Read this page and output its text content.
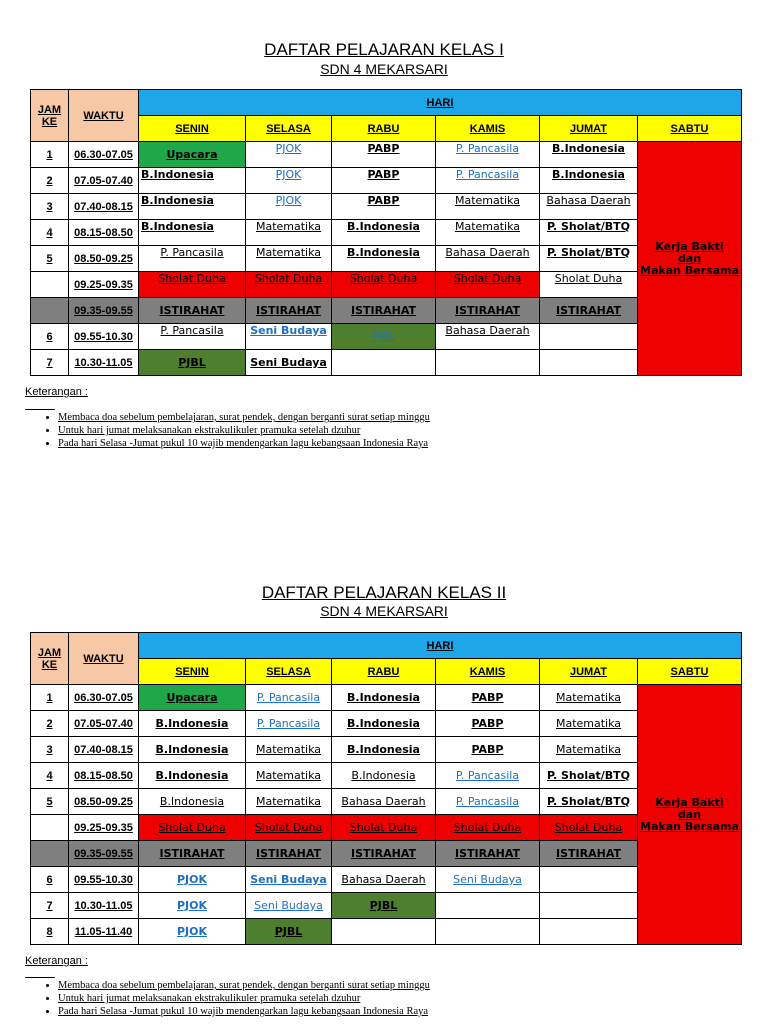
DAFTAR PELAJARAN KELAS I
SDN 4 MEKARSARI
JAM KE	WAKTU	HARI					
		SENIN	SELASA	RABU	KAMIS	JUMAT	SABTU
1	06.30-07.05	Upacara	PJOK	PABP	P. Pancasila	B.Indonesia	Kerja Bakti
dan
Makan Bersama

2	07.05-07.40	B.Indonesia	PJOK	PABP	P. Pancasila	B.Indonesia	
3	07.40-08.15	B.Indonesia	PJOK	PABP	Matematika	Bahasa Daerah	
4	08.15-08.50	B.Indonesia	Matematika	B.Indonesia	Matematika	P. Sholat/BTQ	
5	08.50-09.25	P. Pancasila	Matematika	B.Indonesia	Bahasa Daerah	P. Sholat/BTQ	
	09.25-09.35	Sholat Duha	Sholat Duha	Sholat Duha	Sholat Duha	Sholat Duha	
	09.35-09.55	ISTIRAHAT	ISTIRAHAT	ISTIRAHAT	ISTIRAHAT	ISTIRAHAT	
6	09.55-10.30	P. Pancasila	Seni Budaya	PJBL	Bahasa Daerah		
7	10.30-11.05	PJBL	Seni Budaya				
Keterangan :
• Membaca doa sebelum pembelajaran, surat pendek, dengan berganti surat setiap minggu
• Untuk hari jumat melaksanakan ekstrakulikuler pramuka setelah dzuhur
• Pada hari Selasa -Jumat pukul 10 wajib mendengarkan lagu kebangsaan Indonesia Raya
DAFTAR PELAJARAN KELAS II
SDN 4 MEKARSARI
JAM KE	WAKTU	HARI					
		SENIN	SELASA	RABU	KAMIS	JUMAT	SABTU
1	06.30-07.05	Upacara	P. Pancasila	B.Indonesia	PABP	Matematika	Kerja Bakti
dan
Makan Bersama

2	07.05-07.40	B.Indonesia	P. Pancasila	B.Indonesia	PABP	Matematika	
3	07.40-08.15	B.Indonesia	Matematika	B.Indonesia	PABP	Matematika	
4	08.15-08.50	B.Indonesia	Matematika	B.Indonesia	P. Pancasila	P. Sholat/BTQ	
5	08.50-09.25	B.Indonesia	Matematika	Bahasa Daerah	P. Pancasila	P. Sholat/BTQ	
	09.25-09.35	Sholat Duha	Sholat Duha	Sholat Duha	Sholat Duha	Sholat Duha	
	09.35-09.55	ISTIRAHAT	ISTIRAHAT	ISTIRAHAT	ISTIRAHAT	ISTIRAHAT	
6	09.55-10.30	PJOK	Seni Budaya	Bahasa Daerah	Seni Budaya		
7	10.30-11.05	PJOK	Seni Budaya	PJBL			
8	11.05-11.40	PJOK	PJBL				
Keterangan :
• Membaca doa sebelum pembelajaran, surat pendek, dengan berganti surat setiap minggu
• Untuk hari jumat melaksanakan ekstrakulikuler pramuka setelah dzuhur
• Pada hari Selasa -Jumat pukul 10 wajib mendengarkan lagu kebangsaan Indonesia Raya
